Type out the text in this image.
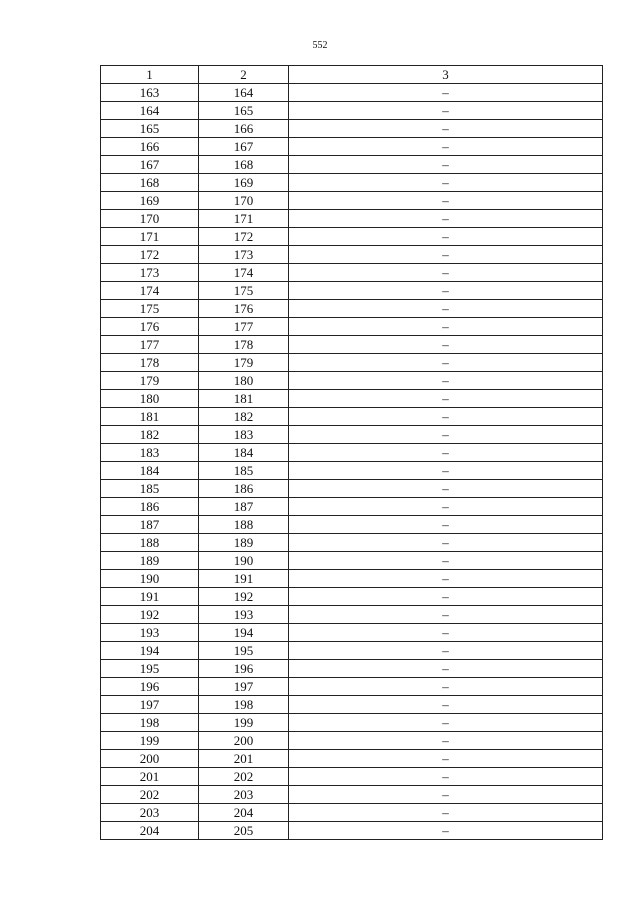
552
1	2	3
163	164	–
164	165	–
165	166	–
166	167	–
167	168	–
168	169	–
169	170	–
170	171	–
171	172	–
172	173	–
173	174	–
174	175	–
175	176	–
176	177	–
177	178	–
178	179	–
179	180	–
180	181	–
181	182	–
182	183	–
183	184	–
184	185	–
185	186	–
186	187	–
187	188	–
188	189	–
189	190	–
190	191	–
191	192	–
192	193	–
193	194	–
194	195	–
195	196	–
196	197	–
197	198	–
198	199	–
199	200	–
200	201	–
201	202	–
202	203	–
203	204	–
204	205	–
